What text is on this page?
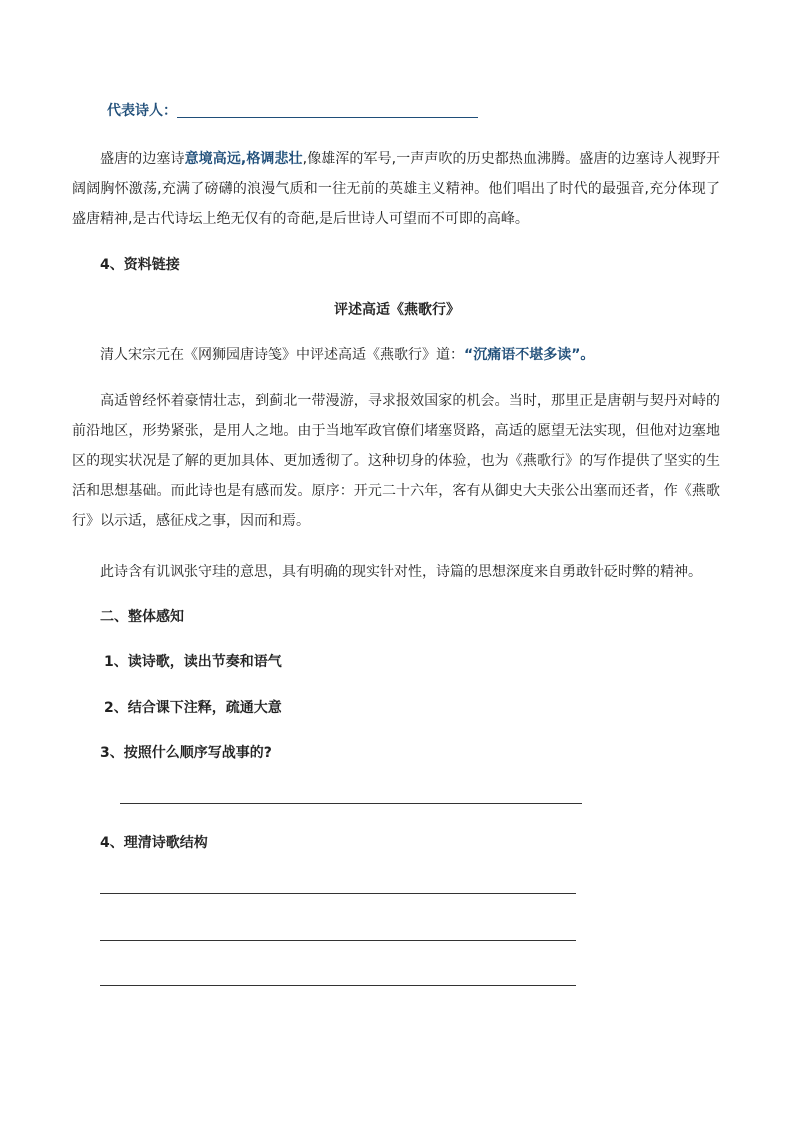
代表诗人：
盛唐的边塞诗意境高远,格调悲壮,像雄浑的军号,一声声吹的历史都热血沸腾。盛唐的边塞诗人视野开阔阔胸怀激荡,充满了磅礴的浪漫气质和一往无前的英雄主义精神。他们唱出了时代的最强音,充分体现了盛唐精神,是古代诗坛上绝无仅有的奇葩,是后世诗人可望而不可即的高峰。
4、资料链接
评述高适《燕歌行》
清人宋宗元在《网狮园唐诗笺》中评述高适《燕歌行》道：“沉痛语不堪多读”。
高适曾经怀着豪情壮志，到蓟北一带漫游，寻求报效国家的机会。当时，那里正是唐朝与契丹对峙的前沿地区，形势紧张，是用人之地。由于当地军政官僚们堵塞贤路，高适的愿望无法实现，但他对边塞地区的现实状况是了解的更加具体、更加透彻了。这种切身的体验，也为《燕歌行》的写作提供了坚实的生活和思想基础。而此诗也是有感而发。原序：开元二十六年，客有从御史大夫张公出塞而还者，作《燕歌行》以示适，感征戍之事，因而和焉。
此诗含有讥讽张守珪的意思，具有明确的现实针对性，诗篇的思想深度来自勇敢针砭时弊的精神。
二、整体感知
1、读诗歌，读出节奏和语气
2、结合课下注释，疏通大意
3、按照什么顺序写战事的?
4、理清诗歌结构
